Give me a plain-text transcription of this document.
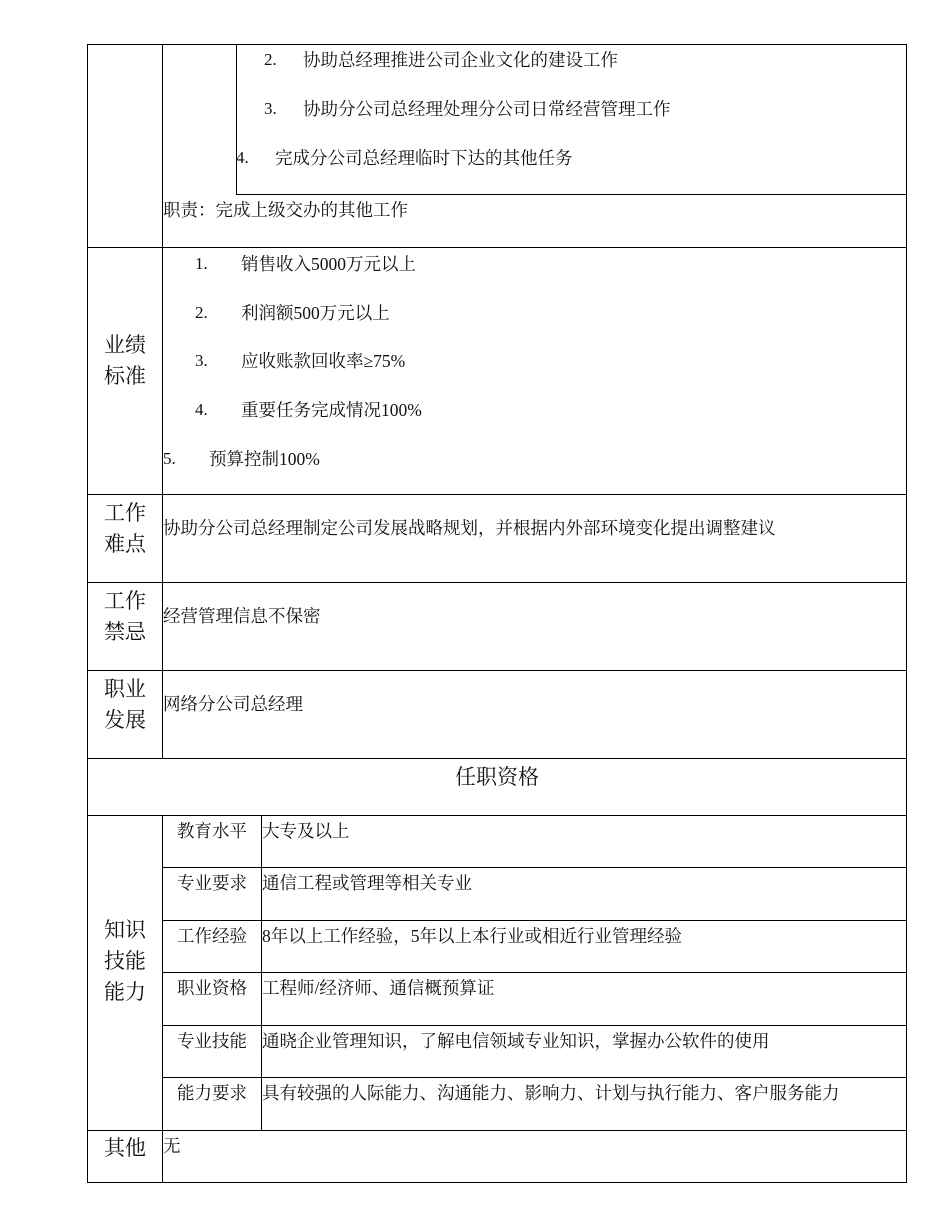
2. 协助总经理推进公司企业文化的建设工作
3. 协助分公司总经理处理分公司日常经营管理工作
4. 完成分公司总经理临时下达的其他任务
职责：完成上级交办的其他工作
业绩
标准
1. 销售收入5000万元以上
2. 利润额500万元以上
3. 应收账款回收率≥75%
4. 重要任务完成情况100%
5. 预算控制100%
工作
难点
协助分公司总经理制定公司发展战略规划，并根据内外部环境变化提出调整建议
工作
禁忌
经营管理信息不保密
职业
发展
网络分公司总经理
任职资格
知识
技能
能力
教育水平 大专及以上
专业要求 通信工程或管理等相关专业
工作经验 8年以上工作经验，5年以上本行业或相近行业管理经验
职业资格 工程师/经济师、通信概预算证
专业技能 通晓企业管理知识，了解电信领域专业知识，掌握办公软件的使用
能力要求 具有较强的人际能力、沟通能力、影响力、计划与执行能力、客户服务能力
其他 无
